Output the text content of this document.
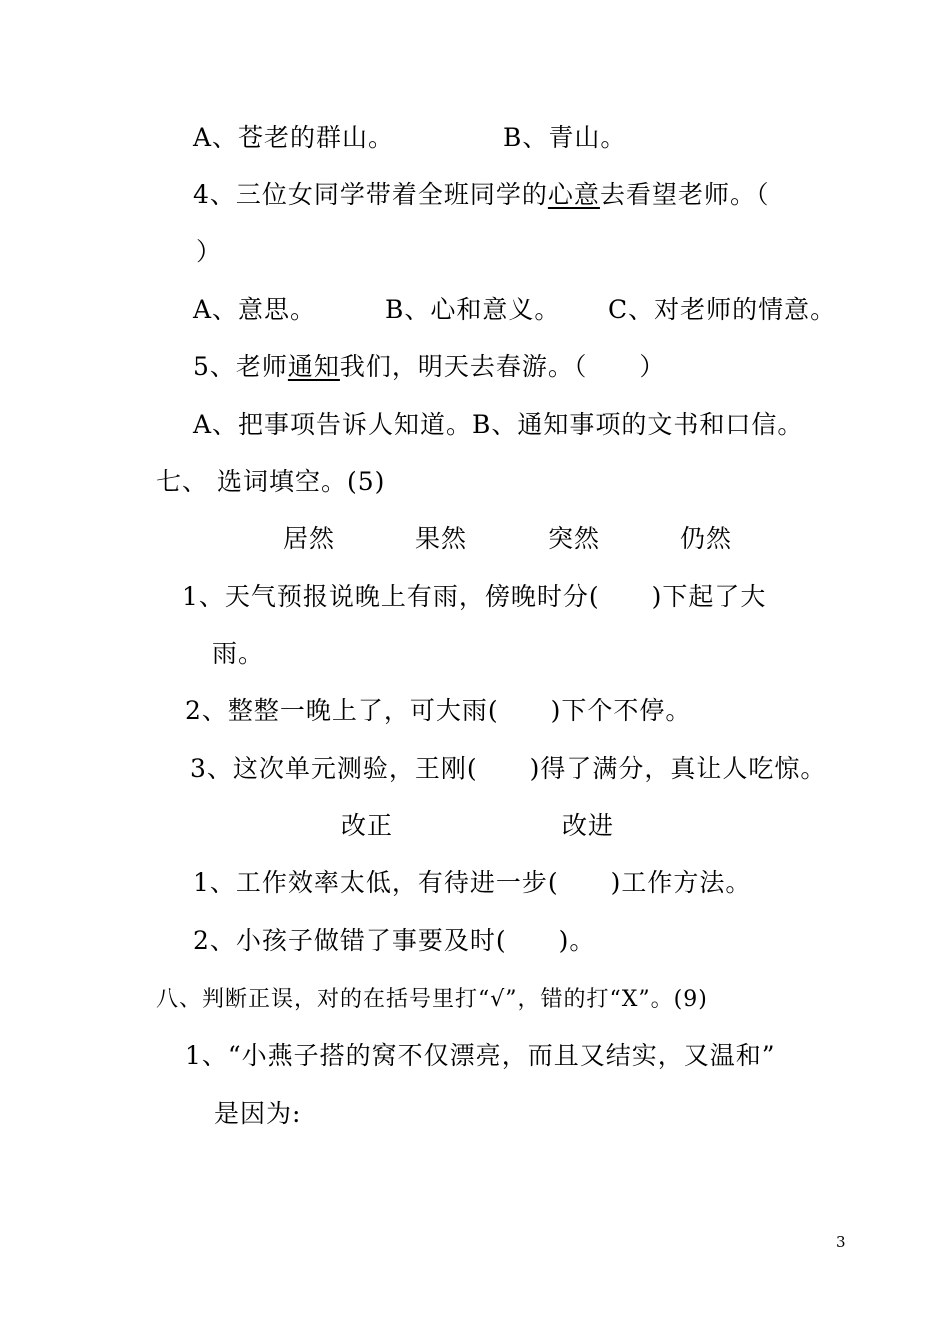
A、苍老的群山。	B、青山。
4、三位女同学带着全班同学的心意去看望老师。（
）
A、意思。	B、心和意义。 C、对老师的情意。
5、老师通知我们，明天去春游。（　　）
A、把事项告诉人知道。B、通知事项的文书和口信。
七、 选词填空。(5)
居然	果然	突然	仍然
1、天气预报说晚上有雨，傍晚时分(　　)下起了大
雨。
2、整整一晚上了，可大雨(　　)下个不停。
3、这次单元测验，王刚(　　)得了满分，真让人吃惊。
改正	改进
1、工作效率太低，有待进一步(　　)工作方法。
2、小孩子做错了事要及时(　　)。
八、判断正误，对的在括号里打“√”，错的打“X”。(9)
1、“小燕子搭的窝不仅漂亮，而且又结实，又温和”
是因为:
3
